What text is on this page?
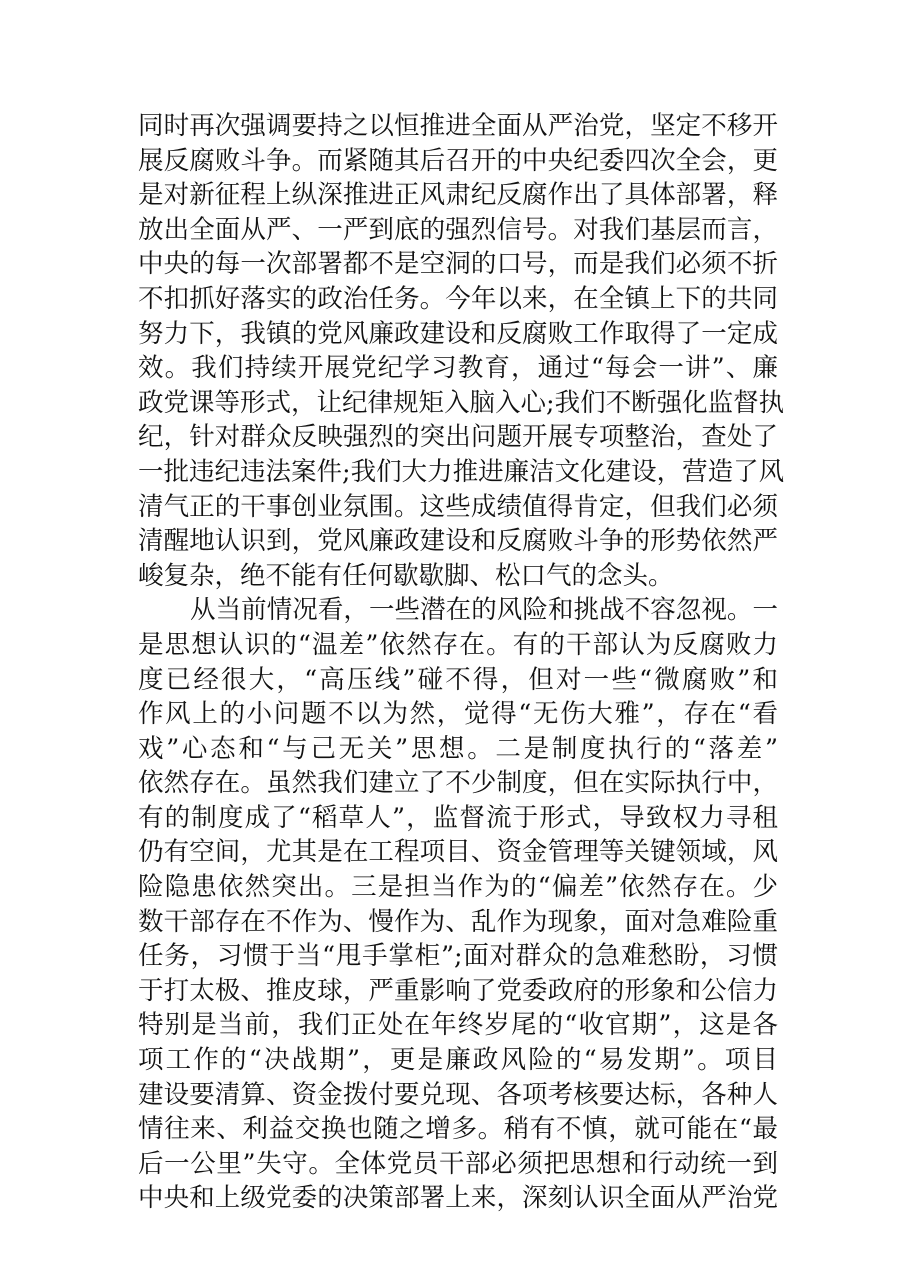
同时再次强调要持之以恒推进全面从严治党，坚定不移开
展反腐败斗争。而紧随其后召开的中央纪委四次全会，更
是对新征程上纵深推进正风肃纪反腐作出了具体部署，释
放出全面从严、一严到底的强烈信号。对我们基层而言，
中央的每一次部署都不是空洞的口号，而是我们必须不折
不扣抓好落实的政治任务。今年以来，在全镇上下的共同
努力下，我镇的党风廉政建设和反腐败工作取得了一定成
效。我们持续开展党纪学习教育，通过“每会一讲”、廉
政党课等形式，让纪律规矩入脑入心;我们不断强化监督执
纪，针对群众反映强烈的突出问题开展专项整治，查处了
一批违纪违法案件;我们大力推进廉洁文化建设，营造了风
清气正的干事创业氛围。这些成绩值得肯定，但我们必须
清醒地认识到，党风廉政建设和反腐败斗争的形势依然严
峻复杂，绝不能有任何歇歇脚、松口气的念头。
从当前情况看，一些潜在的风险和挑战不容忽视。一
是思想认识的“温差”依然存在。有的干部认为反腐败力
度已经很大，“高压线”碰不得，但对一些“微腐败”和
作风上的小问题不以为然，觉得“无伤大雅”，存在“看
戏”心态和“与己无关”思想。二是制度执行的“落差”
依然存在。虽然我们建立了不少制度，但在实际执行中，
有的制度成了“稻草人”，监督流于形式，导致权力寻租
仍有空间，尤其是在工程项目、资金管理等关键领域，风
险隐患依然突出。三是担当作为的“偏差”依然存在。少
数干部存在不作为、慢作为、乱作为现象，面对急难险重
任务，习惯于当“甩手掌柜”;面对群众的急难愁盼，习惯
于打太极、推皮球，严重影响了党委政府的形象和公信力
特别是当前，我们正处在年终岁尾的“收官期”，这是各
项工作的“决战期”，更是廉政风险的“易发期”。项目
建设要清算、资金拨付要兑现、各项考核要达标，各种人
情往来、利益交换也随之增多。稍有不慎，就可能在“最
后一公里”失守。全体党员干部必须把思想和行动统一到
中央和上级党委的决策部署上来，深刻认识全面从严治党
